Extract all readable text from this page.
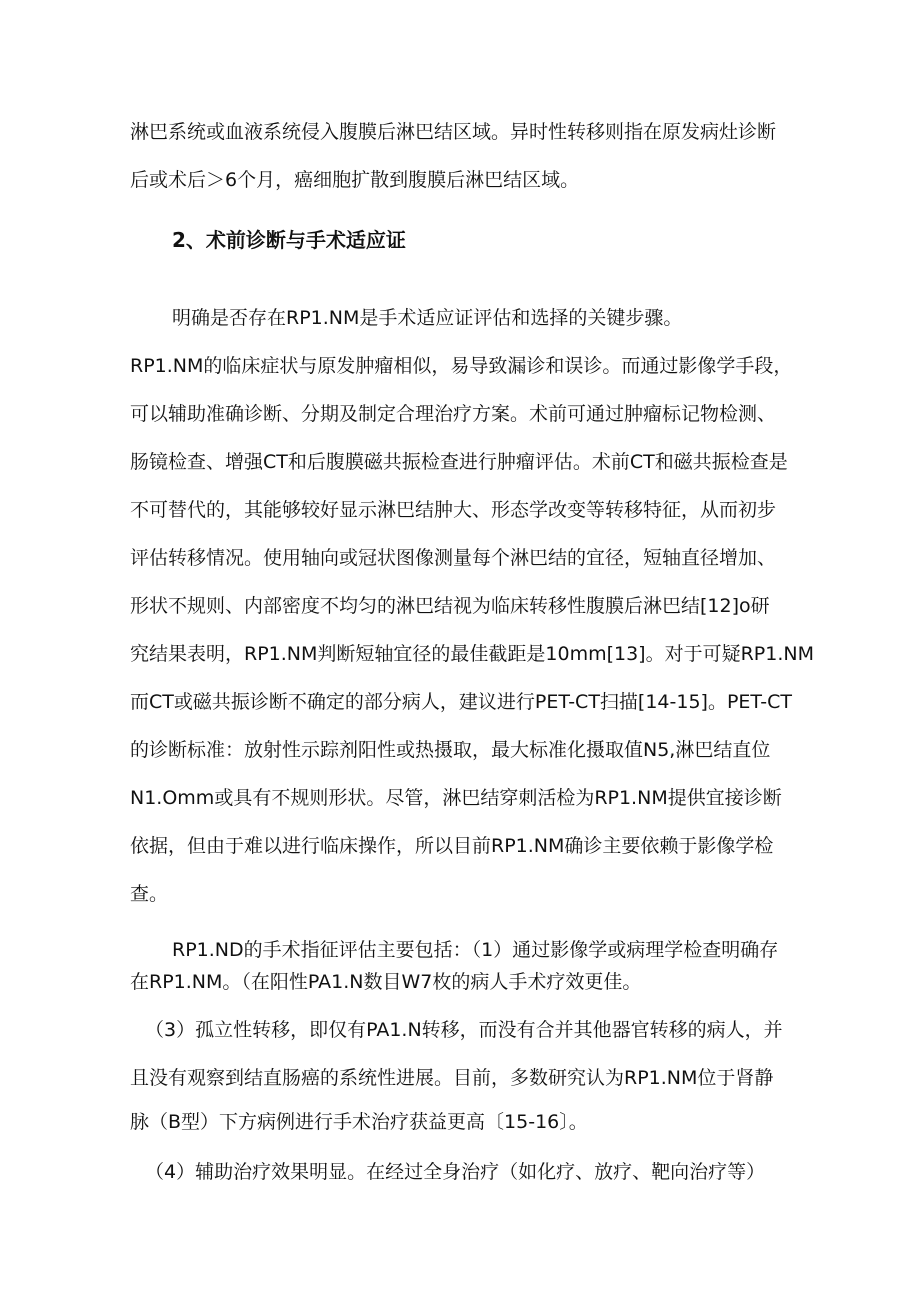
淋巴系统或血液系统侵入腹膜后淋巴结区域。异时性转移则指在原发病灶诊断
后或术后＞6个月，癌细胞扩散到腹膜后淋巴结区域。
2、术前诊断与手术适应证
明确是否存在RP1.NM是手术适应证评估和选择的关键步骤。
RP1.NM的临床症状与原发肿瘤相似，易导致漏诊和误诊。而通过影像学手段，
可以辅助准确诊断、分期及制定合理治疗方案。术前可通过肿瘤标记物检测、
肠镜检查、增强CT和后腹膜磁共振检查进行肿瘤评估。术前CT和磁共振检查是
不可替代的，其能够较好显示淋巴结肿大、形态学改变等转移特征，从而初步
评估转移情况。使用轴向或冠状图像测量每个淋巴结的宜径，短轴直径增加、
形状不规则、内部密度不均匀的淋巴结视为临床转移性腹膜后淋巴结[12]o研
究结果表明，RP1.NM判断短轴宜径的最佳截距是10mm[13]。对于可疑RP1.NM
而CT或磁共振诊断不确定的部分病人，建议进行PET-CT扫描[14-15]。PET-CT
的诊断标准：放射性示踪剂阳性或热摄取，最大标准化摄取值N5,淋巴结直位
N1.Omm或具有不规则形状。尽管，淋巴结穿刺活检为RP1.NM提供宜接诊断
依据，但由于难以进行临床操作，所以目前RP1.NM确诊主要依赖于影像学检
查。
RP1.ND的手术指征评估主要包括：（1）通过影像学或病理学检查明确存
在RP1.NM。（在阳性PA1.N数目W7枚的病人手术疗效更佳。
（3）孤立性转移，即仅有PA1.N转移，而没有合并其他器官转移的病人，并
且没有观察到结直肠癌的系统性进展。目前，多数研究认为RP1.NM位于肾静
脉（B型）下方病例进行手术治疗获益更高〔15-16〕。
（4）辅助治疗效果明显。在经过全身治疗（如化疗、放疗、靶向治疗等）
